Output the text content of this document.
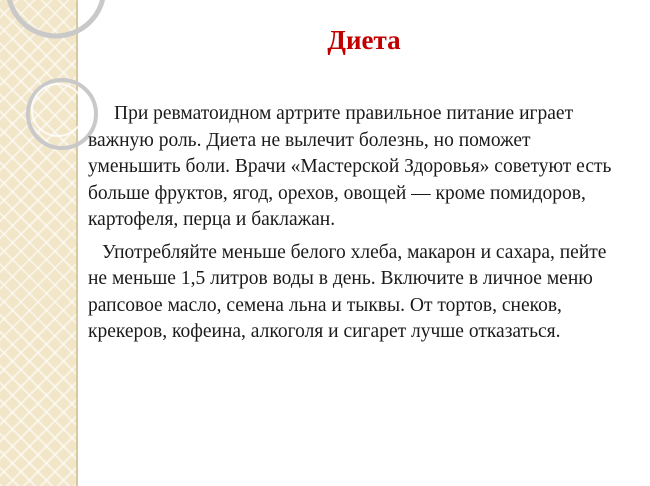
Диета

При ревматоидном артрите правильное питание играет важную роль. Диета не вылечит болезнь, но поможет уменьшить боли. Врачи «Мастерской Здоровья» советуют есть больше фруктов, ягод, орехов, овощей — кроме помидоров, картофеля, перца и баклажан.

Употребляйте меньше белого хлеба, макарон и сахара, пейте не меньше 1,5 литров воды в день. Включите в личное меню рапсовое масло, семена льна и тыквы. От тортов, снеков, крекеров, кофеина, алкоголя и сигарет лучше отказаться.
